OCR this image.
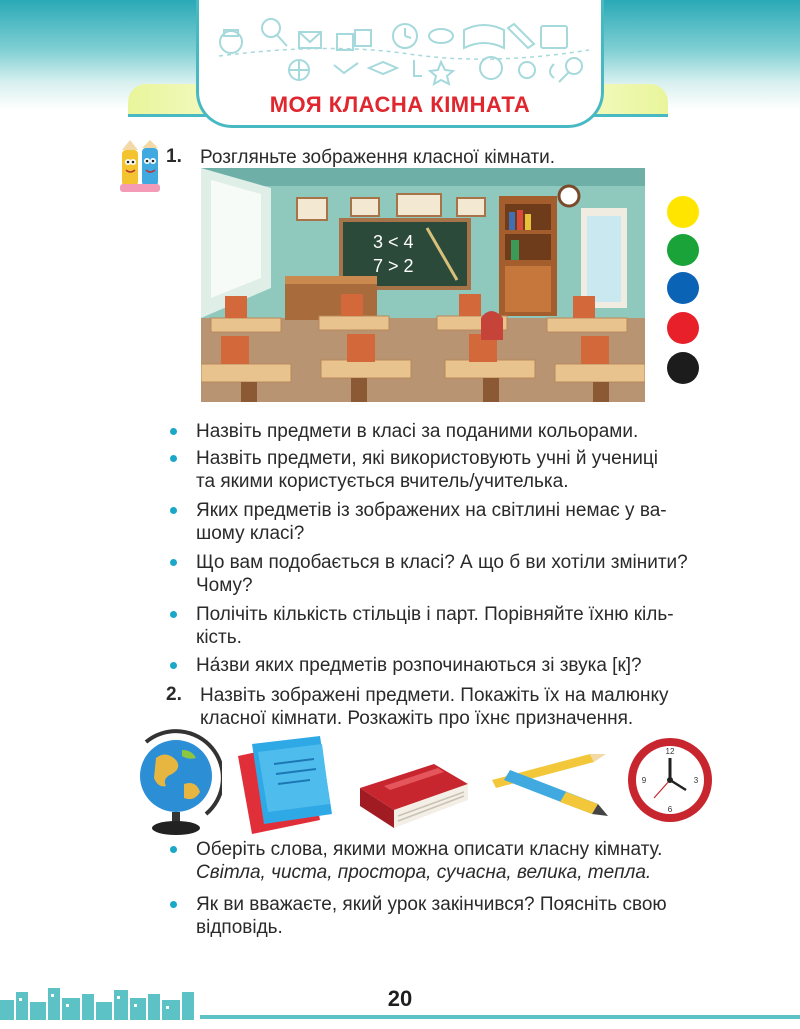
МОЯ КЛАСНА КІМНАТА
1. Розгляньте зображення класної кімнати.
3 < 4
7 > 2
Назвіть предмети в класі за поданими кольорами.
Назвіть предмети, які використовують учні й учениці
та якими користується вчитель/учителька.
Яких предметів із зображених на світлині немає у ва-
шому класі?
Що вам подобається в класі? А що б ви хотіли змінити?
Чому?
Полічіть кількість стільців і парт. Порівняйте їхню кіль-
кість.
На́зви яких предметів розпочинаються зі звука [к]?
2. Назвіть зображені предмети. Покажіть їх на малюнку
класної кімнати. Розкажіть про їхнє призначення.
12
3
6
9
Оберіть слова, якими можна описати класну кімнату.
Світла, чиста, простора, сучасна, велика, тепла.
Як ви вважаєте, який урок закінчився? Поясніть свою
відповідь.
20
